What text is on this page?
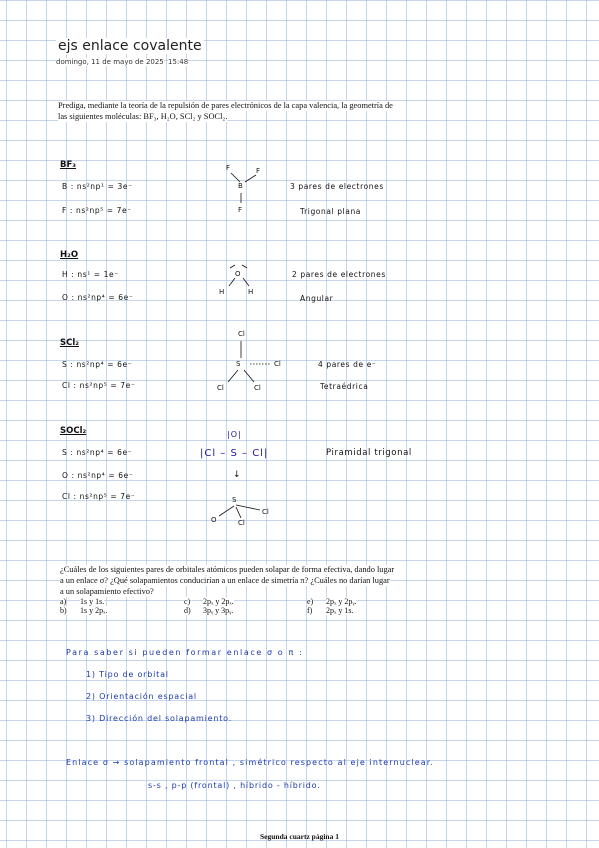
ejs enlace covalente
domingo, 11 de mayo de 2025 15:48
Prediga, mediante la teoría de la repulsión de pares electrónicos de la capa valencia, la geometría de
las siguientes moléculas: BF₃, H₂O, SCl₂ y SOCl₂.
BF₃
B : ns²np¹ = 3e⁻
F : ns²np⁵ = 7e⁻
F	F
B
F
3 pares de electrones
Trigonal plana
H₂O
H : ns¹ = 1e⁻
O : ns²np⁴ = 6e⁻
O
H	H
2 pares de electrones
Angular
SCl₂
S : ns²np⁴ = 6e⁻
Cl : ns²np⁵ = 7e⁻
Cl
S	Cl
Cl	Cl
4 pares de e⁻
Tetraédrica
SOCl₂
S : ns²np⁴ = 6e⁻
O : ns²np⁴ = 6e⁻
Cl : ns²np⁵ = 7e⁻
|O|
|Cl – S – Cl|
↓
S
Cl
O	Cl
Piramidal trigonal
¿Cuáles de los siguientes pares de orbitales atómicos pueden solapar de forma efectiva, dando lugar
a un enlace σ? ¿Qué solapamientos conducirían a un enlace de simetría π? ¿Cuáles no darían lugar
a un solapamiento efectivo?
a) 1s y 1s.
b) 1s y 2pₓ.
c) 2pₓ y 2pₓ.
d) 3pᵧ y 3pᵧ.
e) 2pₓ y 2pᵧ.
f) 2pₓ y 1s.
Para saber si pueden formar enlace σ o π :
1) Tipo de orbital
2) Orientación espacial
3) Dirección del solapamiento.
Enlace σ → solapamiento frontal , simétrico respecto al eje internuclear.
s-s , p-p (frontal) , híbrido - híbrido.
Segunda cuartz página 1
